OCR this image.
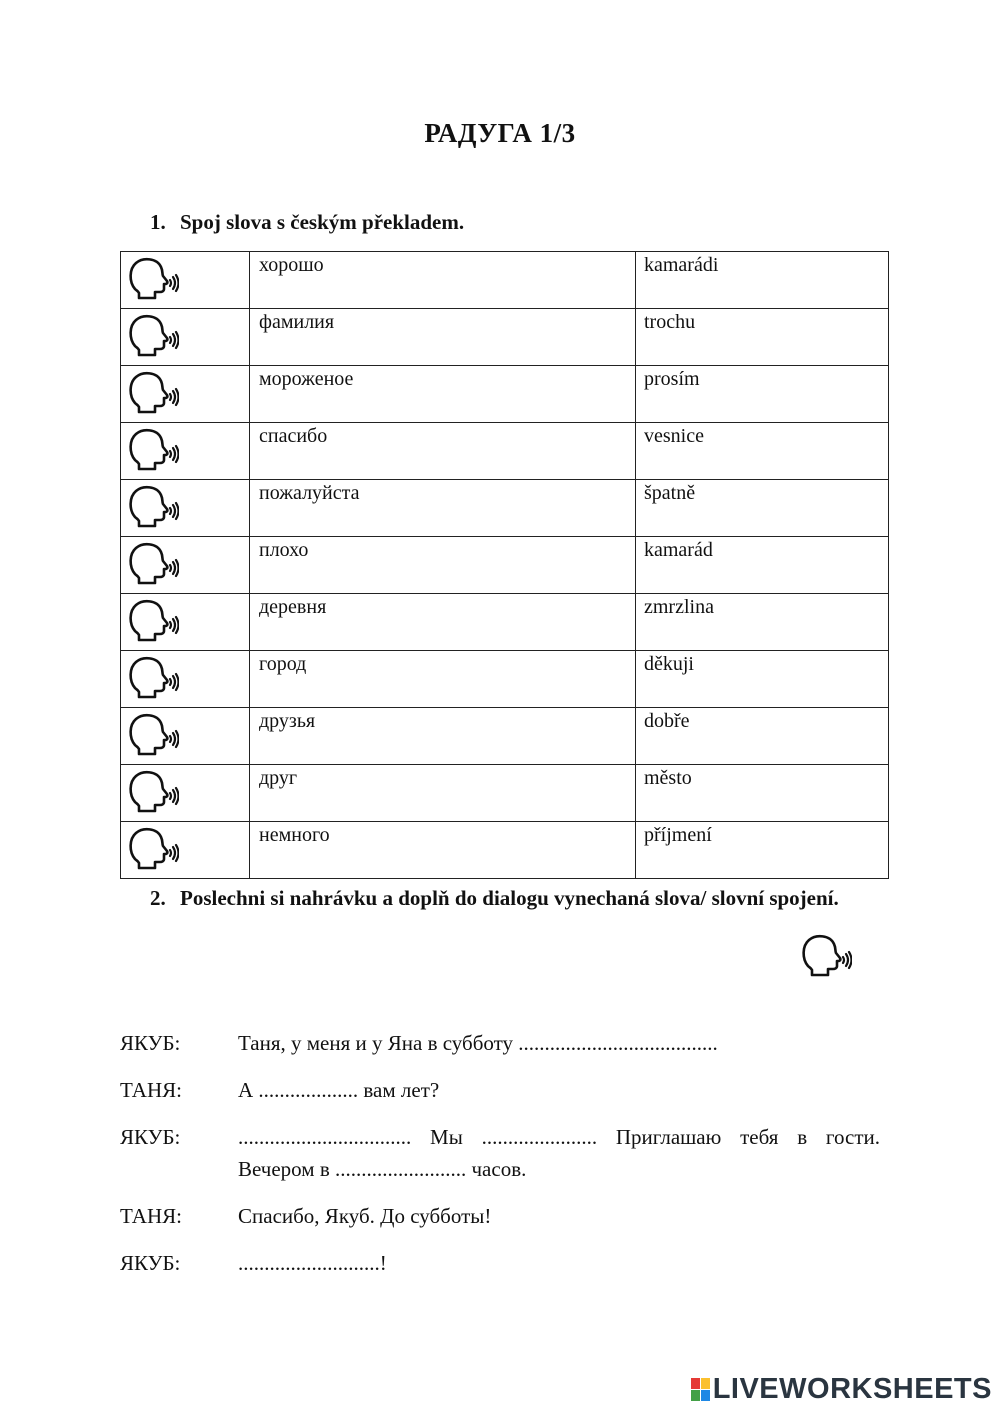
РАДУГА 1/3
1. Spoj slova s českým překladem.
	хорошо	kamarádi

	фамилия	trochu

	мороженое	prosím

	спасибо	vesnice

	пожалуйста	špatně

	плохо	kamarád

	деревня	zmrzlina

	город	děkuji

	друзья	dobře

	друг	město

	немного	příjmení
2. Poslechni si nahrávku a doplň do dialogu vynechaná slova/ slovní spojení.
ЯКУБ:	Таня, у меня и у Яна в субботу ......................................
ТАНЯ:	А ................... вам лет?
ЯКУБ:	................................. Мы ...................... Приглашаю тебя в гости. Вечером в ......................... часов.
ТАНЯ:	Спасибо, Якуб. До субботы!
ЯКУБ:	...........................!
LIVEWORKSHEETS
